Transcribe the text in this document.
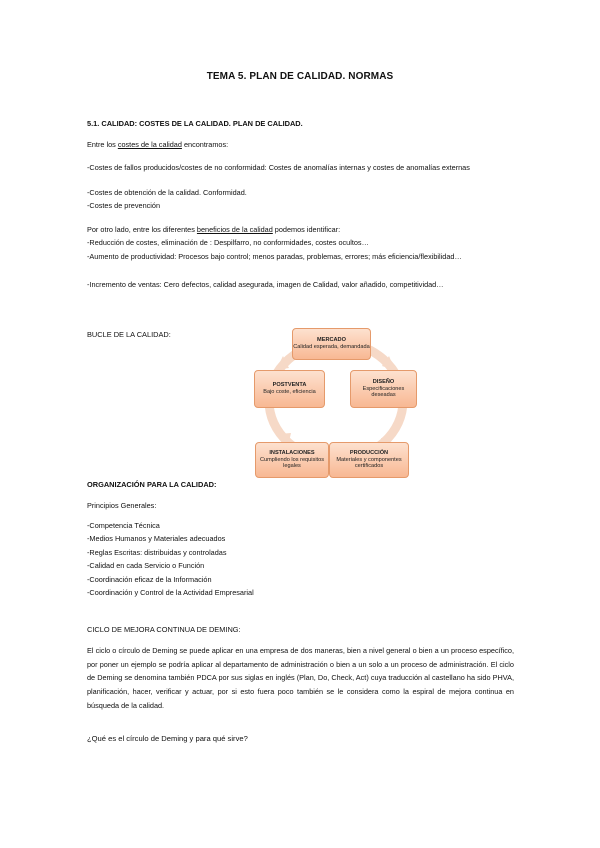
TEMA 5. PLAN DE CALIDAD. NORMAS
5.1. CALIDAD: COSTES DE LA CALIDAD. PLAN DE CALIDAD.
Entre los costes de la calidad encontramos:
-Costes de fallos producidos/costes de no conformidad: Costes de anomalías internas y costes de anomalías externas
-Costes de obtención de la calidad. Conformidad.
-Costes de prevención
Por otro lado, entre los diferentes beneficios de la calidad podemos identificar:
-Reducción de costes, eliminación de : Despilfarro, no conformidades, costes ocultos…
-Aumento de productividad: Procesos bajo control; menos paradas, problemas, errores; más eficiencia/flexibilidad…
-Incremento de ventas: Cero defectos, calidad asegurada, imagen de Calidad, valor añadido, competitividad…
BUCLE DE LA CALIDAD:
MERCADO
Calidad esperada, demandada
DISEÑO
Especificaciones deseadas
PRODUCCIÓN
Materiales y componentes certificados
INSTALACIONES
Cumpliendo los requisitos legales
POSTVENTA
Bajo coste, eficiencia
ORGANIZACIÓN PARA LA CALIDAD:
Principios Generales:
-Competencia Técnica
-Medios Humanos y Materiales adecuados
-Reglas Escritas: distribuidas y controladas
-Calidad en cada Servicio o Función
-Coordinación eficaz de la Información
-Coordinación y Control de la Actividad Empresarial
CICLO DE MEJORA CONTINUA DE DEMING:
El ciclo o círculo de Deming se puede aplicar en una empresa de dos maneras, bien a nivel general o bien a un proceso específico, por poner un ejemplo se podría aplicar al departamento de administración o bien a un solo a un proceso de administración. El ciclo de Deming se denomina también PDCA por sus siglas en inglés (Plan, Do, Check, Act) cuya traducción al castellano ha sido PHVA, planificación, hacer, verificar y actuar, por si esto fuera poco también se le considera como la espiral de mejora continua en búsqueda de la calidad.
¿Qué es el círculo de Deming y para qué sirve?
